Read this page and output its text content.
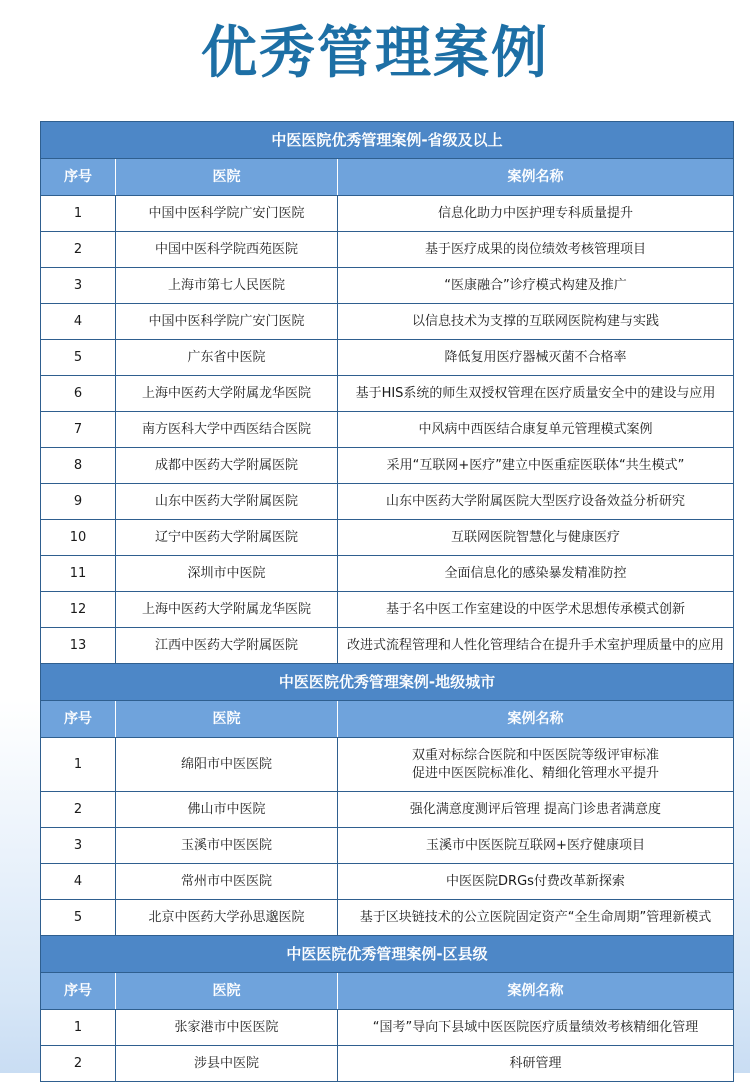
优秀管理案例
中医医院优秀管理案例-省级及以上
序号	医院	案例名称
1	中国中医科学院广安门医院	信息化助力中医护理专科质量提升
2	中国中医科学院西苑医院	基于医疗成果的岗位绩效考核管理项目
3	上海市第七人民医院	“医康融合”诊疗模式构建及推广
4	中国中医科学院广安门医院	以信息技术为支撑的互联网医院构建与实践
5	广东省中医院	降低复用医疗器械灭菌不合格率
6	上海中医药大学附属龙华医院	基于HIS系统的师生双授权管理在医疗质量安全中的建设与应用
7	南方医科大学中西医结合医院	中风病中西医结合康复单元管理模式案例
8	成都中医药大学附属医院	采用“互联网+医疗”建立中医重症医联体“共生模式”
9	山东中医药大学附属医院	山东中医药大学附属医院大型医疗设备效益分析研究
10	辽宁中医药大学附属医院	互联网医院智慧化与健康医疗
11	深圳市中医院	全面信息化的感染暴发精准防控
12	上海中医药大学附属龙华医院	基于名中医工作室建设的中医学术思想传承模式创新
13	江西中医药大学附属医院	改进式流程管理和人性化管理结合在提升手术室护理质量中的应用
中医医院优秀管理案例-地级城市
序号	医院	案例名称
1	绵阳市中医医院
双重对标综合医院和中医医院等级评审标准
促进中医医院标准化、精细化管理水平提升
2	佛山市中医院	强化满意度测评后管理 提高门诊患者满意度
3	玉溪市中医医院	玉溪市中医医院互联网+医疗健康项目
4	常州市中医医院	中医医院DRGs付费改革新探索
5	北京中医药大学孙思邈医院	基于区块链技术的公立医院固定资产“全生命周期”管理新模式
中医医院优秀管理案例-区县级
序号	医院	案例名称
1	张家港市中医医院	“国考”导向下县域中医医院医疗质量绩效考核精细化管理
2	涉县中医院	科研管理
